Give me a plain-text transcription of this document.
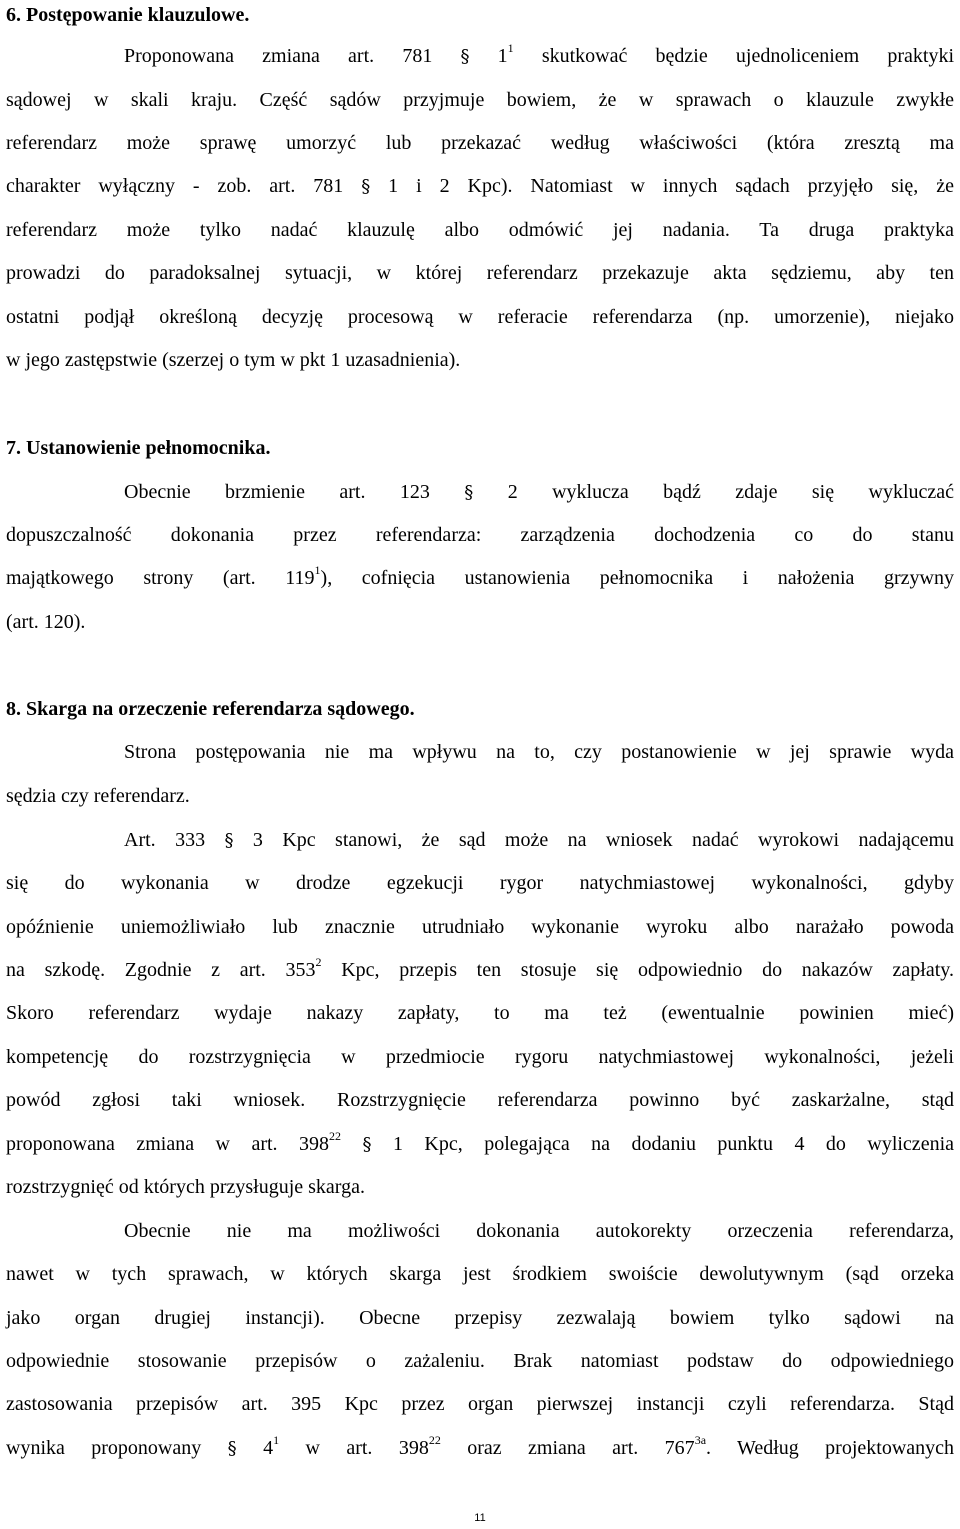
6. Postępowanie klauzulowe.
Proponowana zmiana art. 781 § $1^1$ skutkować będzie ujednoliceniem praktyki
sądowej w skali kraju. Część sądów przyjmuje bowiem, że w sprawach o klauzule zwykłe
referendarz może sprawę umorzyć lub przekazać według właściwości (która zresztą ma
charakter wyłączny - zob. art. 781 § 1 i 2 Kpc). Natomiast w innych sądach przyjęło się, że
referendarz może tylko nadać klauzulę albo odmówić jej nadania. Ta druga praktyka
prowadzi do paradoksalnej sytuacji, w której referendarz przekazuje akta sędziemu, aby ten
ostatni podjął określoną decyzję procesową w referacie referendarza (np. umorzenie), niejako
w jego zastępstwie (szerzej o tym w pkt 1 uzasadnienia).
7. Ustanowienie pełnomocnika.
Obecnie brzmienie art. 123 § 2 wyklucza bądź zdaje się wykluczać
dopuszczalność dokonania przez referendarza: zarządzenia dochodzenia co do stanu
majątkowego strony (art. $119^1$), cofnięcia ustanowienia pełnomocnika i nałożenia grzywny
(art. 120).
8. Skarga na orzeczenie referendarza sądowego.
Strona postępowania nie ma wpływu na to, czy postanowienie w jej sprawie wyda
sędzia czy referendarz.
Art. 333 § 3 Kpc stanowi, że sąd może na wniosek nadać wyrokowi nadającemu
się do wykonania w drodze egzekucji rygor natychmiastowej wykonalności, gdyby
opóźnienie uniemożliwiało lub znacznie utrudniało wykonanie wyroku albo narażało powoda
na szkodę. Zgodnie z art. $353^2$ Kpc, przepis ten stosuje się odpowiednio do nakazów zapłaty.
Skoro referendarz wydaje nakazy zapłaty, to ma też (ewentualnie powinien mieć)
kompetencję do rozstrzygnięcia w przedmiocie rygoru natychmiastowej wykonalności, jeżeli
powód zgłosi taki wniosek. Rozstrzygnięcie referendarza powinno być zaskarżalne, stąd
proponowana zmiana w art. $398^{22}$ § 1 Kpc, polegająca na dodaniu punktu 4 do wyliczenia
rozstrzygnięć od których przysługuje skarga.
Obecnie nie ma możliwości dokonania autokorekty orzeczenia referendarza,
nawet w tych sprawach, w których skarga jest środkiem swoiście dewolutywnym (sąd orzeka
jako organ drugiej instancji). Obecne przepisy zezwalają bowiem tylko sądowi na
odpowiednie stosowanie przepisów o zażaleniu. Brak natomiast podstaw do odpowiedniego
zastosowania przepisów art. 395 Kpc przez organ pierwszej instancji czyli referendarza. Stąd
wynika proponowany § $4^1$ w art. $398^{22}$ oraz zmiana art. $767^{3a}$. Według projektowanych
11
